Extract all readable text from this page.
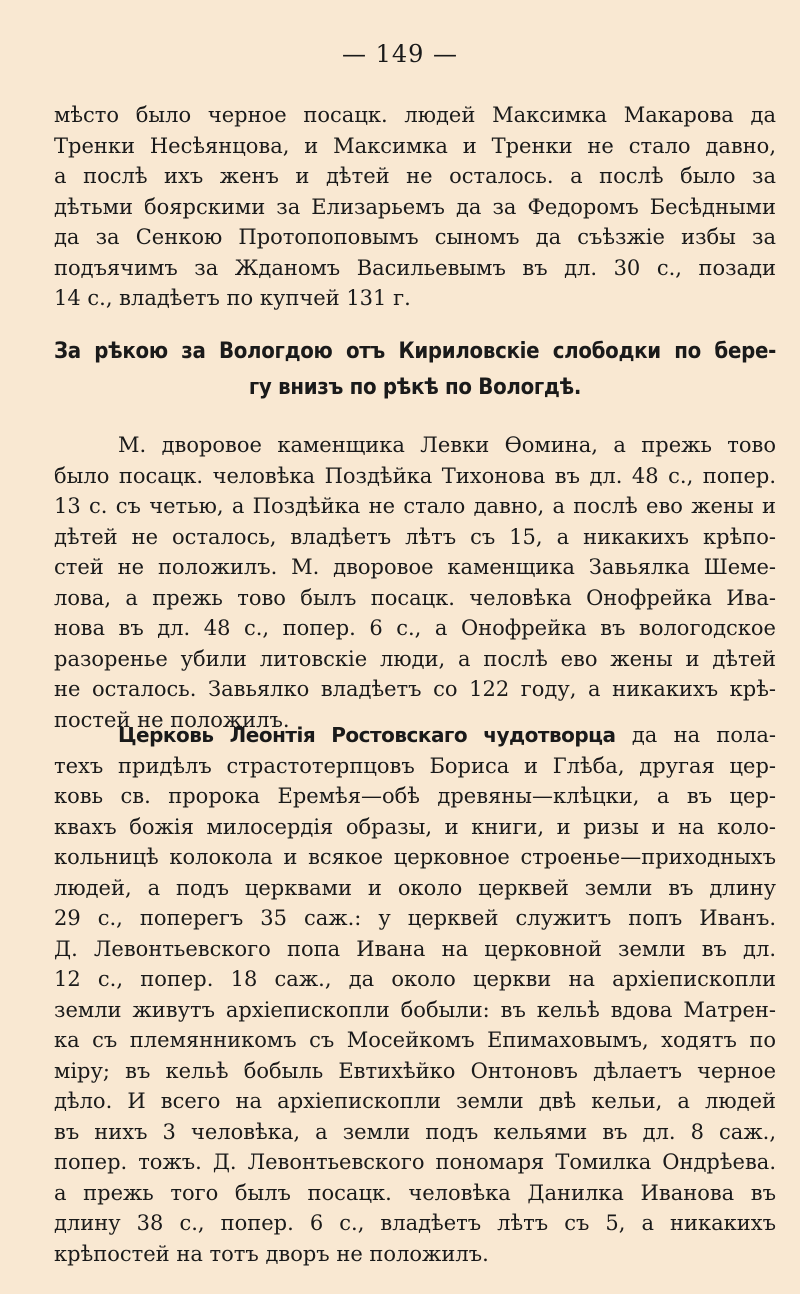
— 149 —
мѣсто было черное посацк. людей Максимка Макарова да
Тренки Несѣянцова, и Максимка и Тренки не стало давно,
а послѣ ихъ женъ и дѣтей не осталось. а послѣ было за
дѣтьми боярскими за Елизарьемъ да за Федоромъ Бесѣдными
да за Сенкою Протопоповымъ сыномъ да съѣзжіе избы за
подъячимъ за Жданомъ Васильевымъ въ дл. 30 с., позади
14 с., владѣетъ по купчей 131 г.
За рѣкою за Вологдою отъ Кириловскіе слободки по бере-
гу внизъ по рѣкѣ по Вологдѣ.
М. дворовое каменщика Левки Ѳомина, а прежь тово
было посацк. человѣка Поздѣйка Тихонова въ дл. 48 с., попер.
13 с. съ четью, а Поздѣйка не стало давно, а послѣ ево жены и
дѣтей не осталось, владѣетъ лѣтъ съ 15, а никакихъ крѣпо-
стей не положилъ. М. дворовое каменщика Завьялка Шеме-
лова, а прежь тово былъ посацк. человѣка Онофрейка Ива-
нова въ дл. 48 с., попер. 6 с., а Онофрейка въ вологодское
разоренье убили литовскіе люди, а послѣ ево жены и дѣтей
не осталось. Завьялко владѣетъ со 122 году, а никакихъ крѣ-
постей не положилъ.
Церковь Леонтія Ростовскаго чудотворца да на пола-
техъ придѣлъ страстотерпцовъ Бориса и Глѣба, другая цер-
ковь св. пророка Еремѣя—обѣ древяны—клѣцки, а въ цер-
квахъ божія милосердія образы, и книги, и ризы и на коло-
кольницѣ колокола и всякое церковное строенье—приходныхъ
людей, а подъ церквами и около церквей земли въ длину
29 с., поперегъ 35 саж.: у церквей служитъ попъ Иванъ.
Д. Левонтьевского попа Ивана на церковной земли въ дл.
12 с., попер. 18 саж., да около церкви на архіепископли
земли живутъ архіепископли бобыли: въ кельѣ вдова Матрен-
ка съ племянникомъ съ Мосейкомъ Епимаховымъ, ходятъ по
міру; въ кельѣ бобыль Евтихѣйко Онтоновъ дѣлаетъ черное
дѣло. И всего на архіепископли земли двѣ кельи, а людей
въ нихъ 3 человѣка, а земли подъ кельями въ дл. 8 саж.,
попер. тожъ. Д. Левонтьевского пономаря Томилка Ондрѣева.
а прежь того былъ посацк. человѣка Данилка Иванова въ
длину 38 с., попер. 6 с., владѣетъ лѣтъ съ 5, а никакихъ
крѣпостей на тотъ дворъ не положилъ.
